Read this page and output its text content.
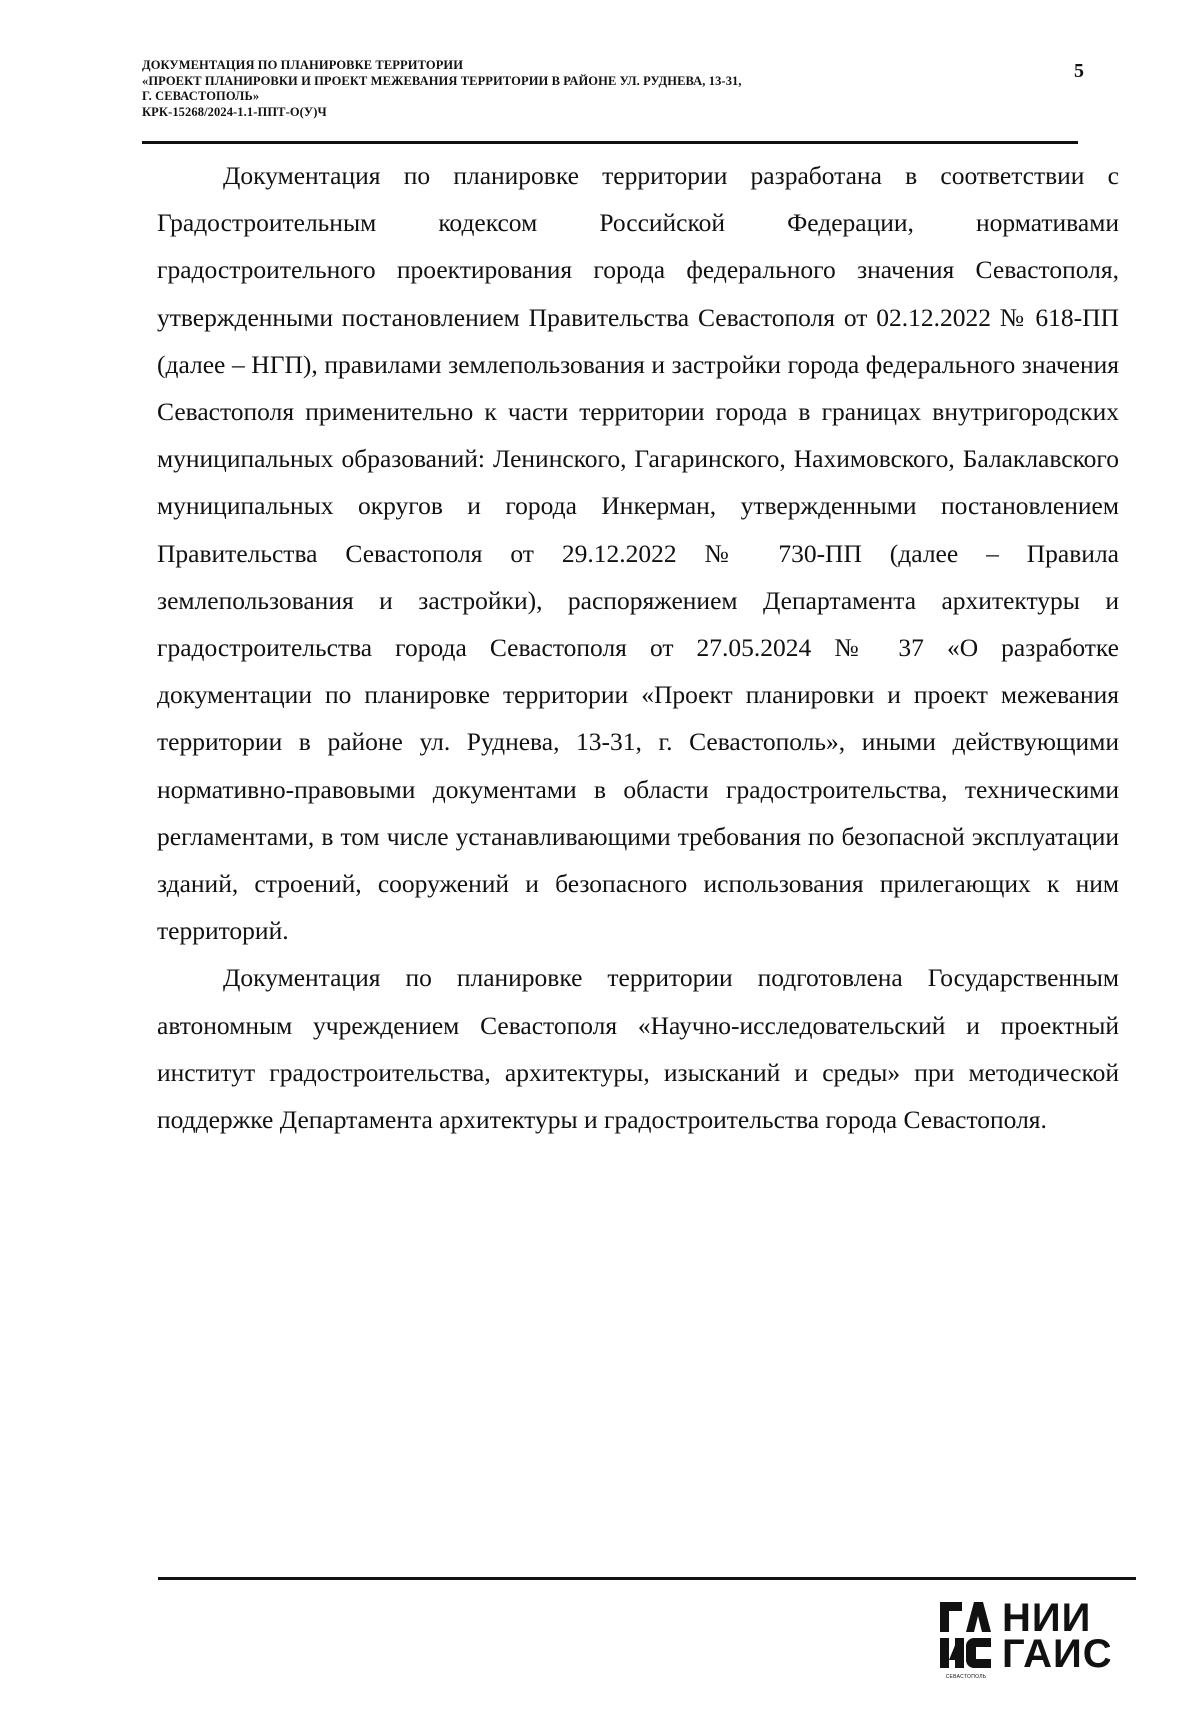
ДОКУМЕНТАЦИЯ ПО ПЛАНИРОВКЕ ТЕРРИТОРИИ
«ПРОЕКТ ПЛАНИРОВКИ И ПРОЕКТ МЕЖЕВАНИЯ ТЕРРИТОРИИ В РАЙОНЕ УЛ. РУДНЕВА, 13-31,
Г. СЕВАСТОПОЛЬ»
КРК-15268/2024-1.1-ППТ-О(У)Ч
5

Документация по планировке территории разработана в соответствии с Градостроительным кодексом Российской Федерации, нормативами градостроительного проектирования города федерального значения Севастополя, утвержденными постановлением Правительства Севастополя от 02.12.2022 № 618-ПП (далее – НГП), правилами землепользования и застройки города федерального значения Севастополя применительно к части территории города в границах внутригородских муниципальных образований: Ленинского, Гагаринского, Нахимовского, Балаклавского муниципальных округов и города Инкерман, утвержденными постановлением Правительства Севастополя от 29.12.2022 № 730-ПП (далее – Правила землепользования и застройки), распоряжением Департамента архитектуры и градостроительства города Севастополя от 27.05.2024 № 37 «О разработке документации по планировке территории «Проект планировки и проект межевания территории в районе ул. Руднева, 13-31, г. Севастополь», иными действующими нормативно-правовыми документами в области градостроительства, техническими регламентами, в том числе устанавливающими требования по безопасной эксплуатации зданий, строений, сооружений и безопасного использования прилегающих к ним территорий.

Документация по планировке территории подготовлена Государственным автономным учреждением Севастополя «Научно-исследовательский и проектный институт градостроительства, архитектуры, изысканий и среды» при методической поддержке Департамента архитектуры и градостроительства города Севастополя.

НИИ
ГАИС
СЕВАСТОПОЛЬ
